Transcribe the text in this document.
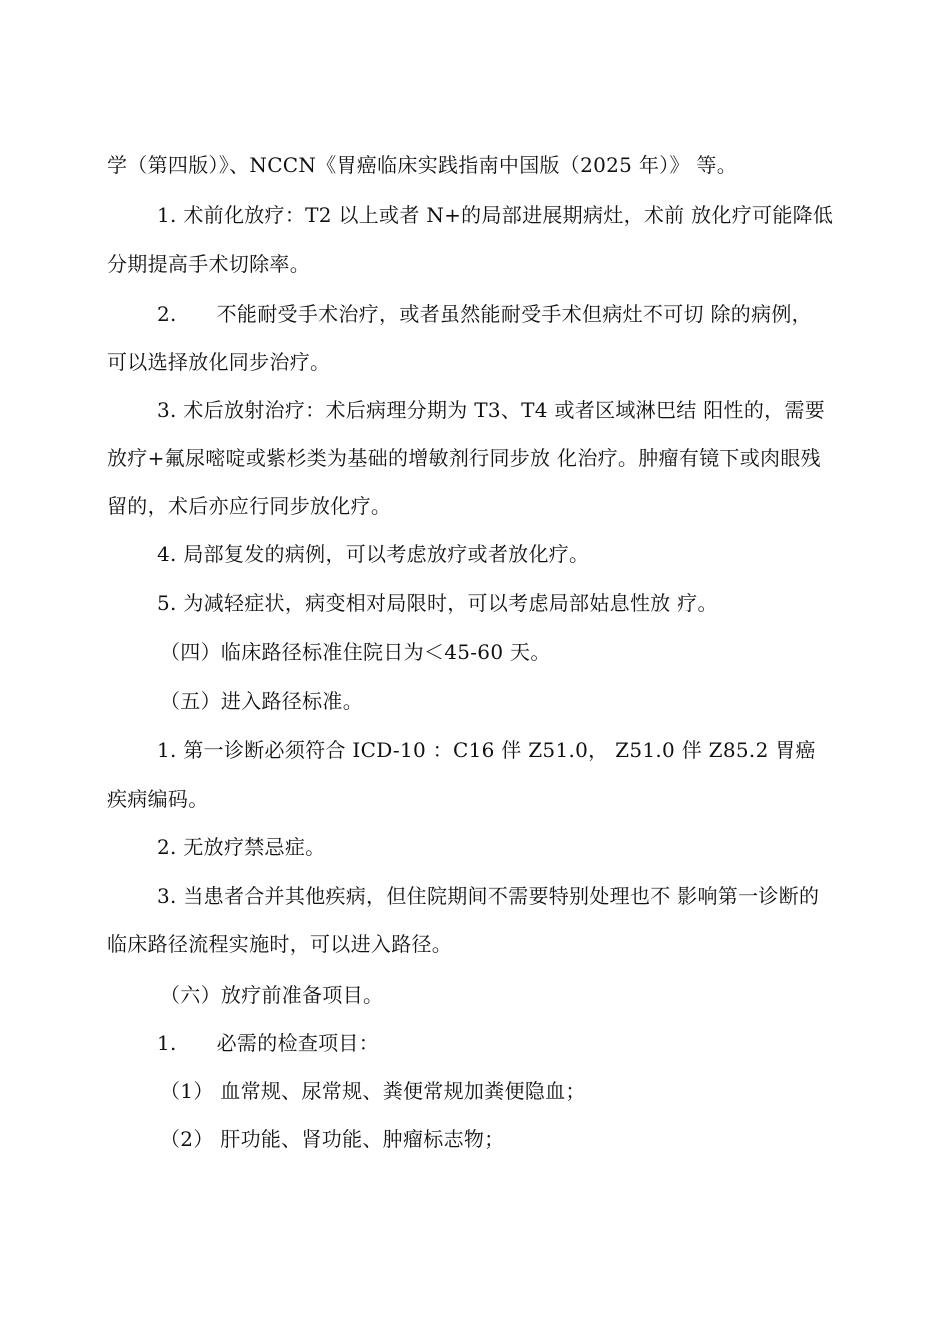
学（第四版）》、NCCN《胃癌临床实践指南中国版（2025 年）》 等。
1. 术前化放疗：T2 以上或者 N+的局部进展期病灶，术前 放化疗可能降低
分期提高手术切除率。
2.      不能耐受手术治疗，或者虽然能耐受手术但病灶不可切 除的病例，
可以选择放化同步治疗。
3. 术后放射治疗：术后病理分期为 T3、T4 或者区域淋巴结 阳性的，需要
放疗+氟尿嘧啶或紫杉类为基础的增敏剂行同步放 化治疗。肿瘤有镜下或肉眼残
留的，术后亦应行同步放化疗。
4. 局部复发的病例，可以考虑放疗或者放化疗。
5. 为减轻症状，病变相对局限时，可以考虑局部姑息性放 疗。
（四）临床路径标准住院日为＜45-60 天。
（五）进入路径标准。
1. 第一诊断必须符合 ICD-10 ：C16 伴 Z51.0， Z51.0 伴 Z85.2 胃癌
疾病编码。
2. 无放疗禁忌症。
3. 当患者合并其他疾病，但住院期间不需要特别处理也不 影响第一诊断的
临床路径流程实施时，可以进入路径。
（六）放疗前准备项目。
1.      必需的检查项目：
（1） 血常规、尿常规、粪便常规加粪便隐血；
（2） 肝功能、肾功能、肿瘤标志物；
